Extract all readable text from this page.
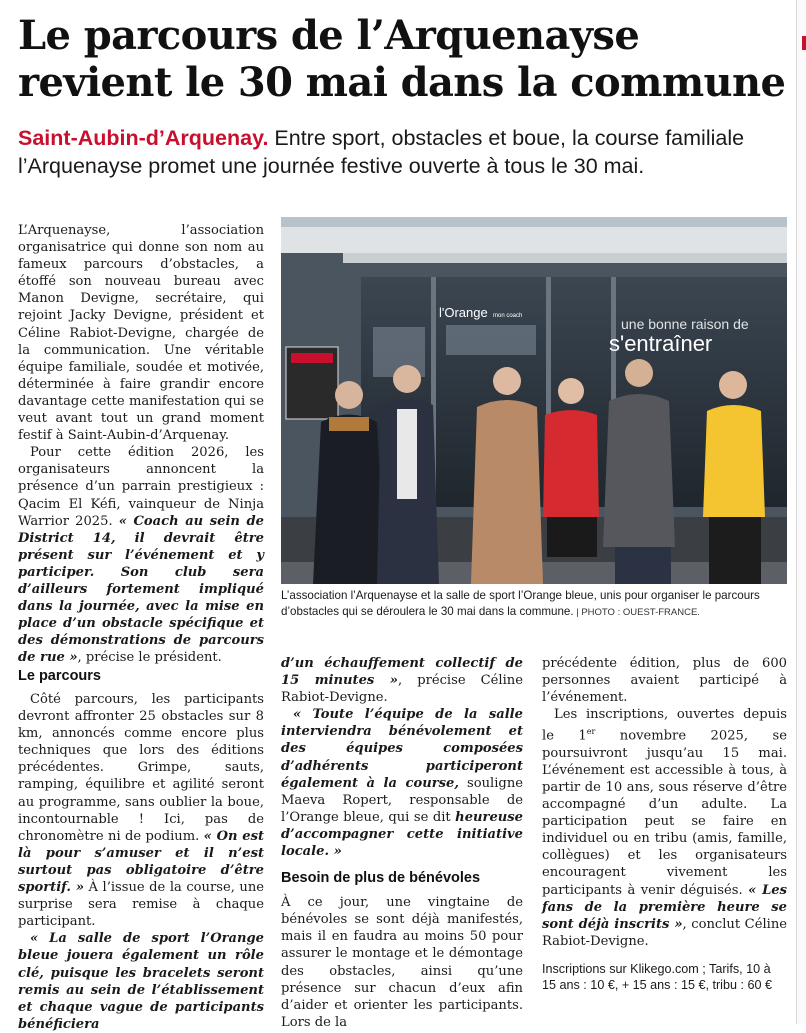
Le parcours de l’Arquenayse
revient le 30 mai dans la commune

Saint-Aubin-d’Arquenay. Entre sport, obstacles et boue, la course familiale l’Arquenayse promet une journée festive ouverte à tous le 30 mai.

L’Arquenayse, l’association organisatrice qui donne son nom au fameux parcours d’obstacles, a étoffé son nouveau bureau avec Manon Devigne, secrétaire, qui rejoint Jacky Devigne, président et Céline Rabiot-Devigne, chargée de la communication. Une véritable équipe familiale, soudée et motivée, déterminée à faire grandir encore davantage cette manifestation qui se veut avant tout un grand moment festif à Saint-Aubin-d’Arquenay.

Pour cette édition 2026, les organisateurs annoncent la présence d’un parrain prestigieux : Qacim El Kéfi, vainqueur de Ninja Warrior 2025. « Coach au sein de District 14, il devrait être présent sur l’événement et y participer. Son club sera d’ailleurs fortement impliqué dans la journée, avec la mise en place d’un obstacle spécifique et des démonstrations de parcours de rue », précise le président.

Le parcours

Côté parcours, les participants devront affronter 25 obstacles sur 8 km, annoncés comme encore plus techniques que lors des éditions précédentes. Grimpe, sauts, ramping, équilibre et agilité seront au programme, sans oublier la boue, incontournable ! Ici, pas de chronomètre ni de podium. « On est là pour s’amuser et il n’est surtout pas obligatoire d’être sportif. » À l’issue de la course, une surprise sera remise à chaque participant.

« La salle de sport l’Orange bleue jouera également un rôle clé, puisque les bracelets seront remis au sein de l’établissement et chaque vague de participants bénéficiera

l'Orange mon coach	une bonne raison de
s'entraîner

L’association l’Arquenayse et la salle de sport l’Orange bleue, unis pour organiser le parcours d’obstacles qui se déroulera le 30 mai dans la commune. | PHOTO : OUEST-FRANCE.

d’un échauffement collectif de 15 minutes », précise Céline Rabiot-Devigne.

« Toute l’équipe de la salle interviendra bénévolement et des équipes composées d’adhérents participeront également à la course, souligne Maeva Ropert, responsable de l’Orange bleue, qui se dit heureuse d’accompagner cette initiative locale. »

Besoin de plus de bénévoles

À ce jour, une vingtaine de bénévoles se sont déjà manifestés, mais il en faudra au moins 50 pour assurer le montage et le démontage des obstacles, ainsi qu’une présence sur chacun d’eux afin d’aider et orienter les participants. Lors de la

précédente édition, plus de 600 personnes avaient participé à l’événement.

Les inscriptions, ouvertes depuis le 1er novembre 2025, se poursuivront jusqu’au 15 mai. L’événement est accessible à tous, à partir de 10 ans, sous réserve d’être accompagné d’un adulte. La participation peut se faire en individuel ou en tribu (amis, famille, collègues) et les organisateurs encouragent vivement les participants à venir déguisés. « Les fans de la première heure se sont déjà inscrits », conclut Céline Rabiot-Devigne.

Inscriptions sur Klikego.com ; Tarifs, 10 à 15 ans : 10 €, + 15 ans : 15 €, tribu : 60 €
